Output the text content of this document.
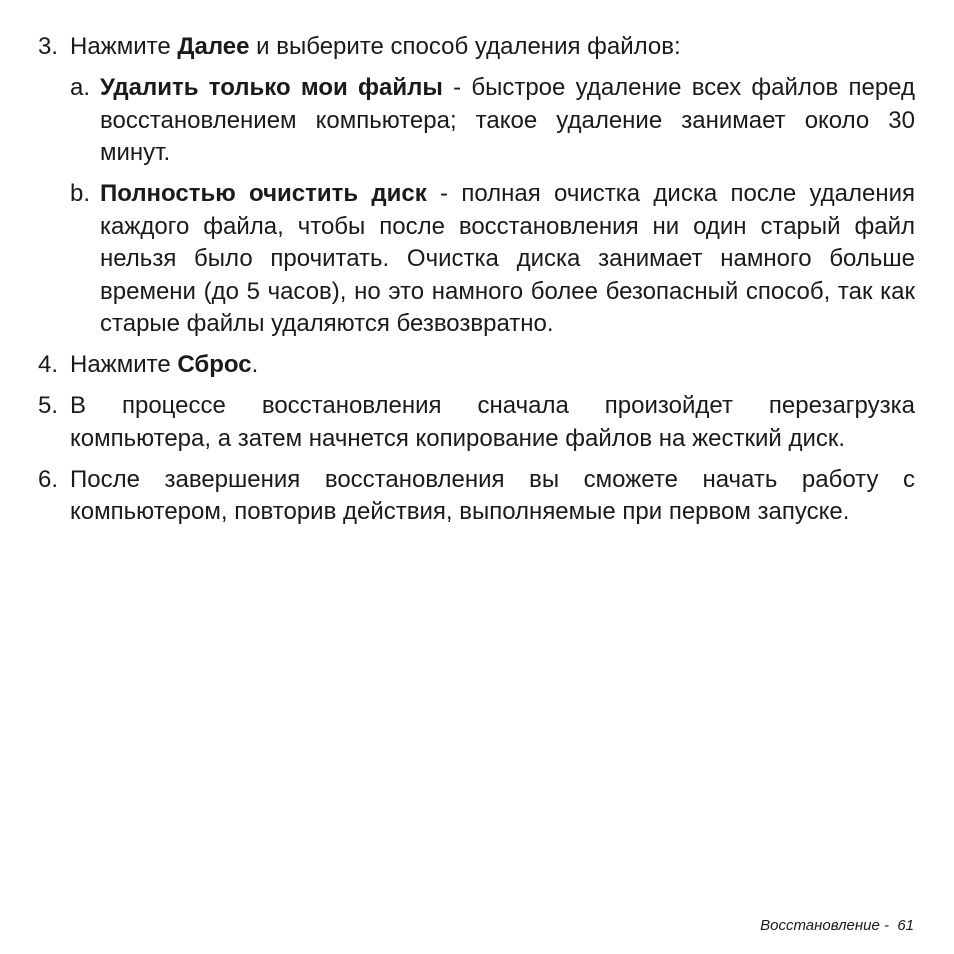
3. Нажмите Далее и выберите способ удаления файлов:
a. Удалить только мои файлы - быстрое удаление всех файлов перед восстановлением компьютера; такое удаление занимает около 30 минут.
b. Полностью очистить диск - полная очистка диска после удаления каждого файла, чтобы после восстановления ни один старый файл нельзя было прочитать. Очистка диска занимает намного больше времени (до 5 часов), но это намного более безопасный способ, так как старые файлы удаляются безвозвратно.
4. Нажмите Сброс.
5. В процессе восстановления сначала произойдет перезагрузка компьютера, а затем начнется копирование файлов на жесткий диск.
6. После завершения восстановления вы сможете начать работу с компьютером, повторив действия, выполняемые при первом запуске.
Восстановление -  61
